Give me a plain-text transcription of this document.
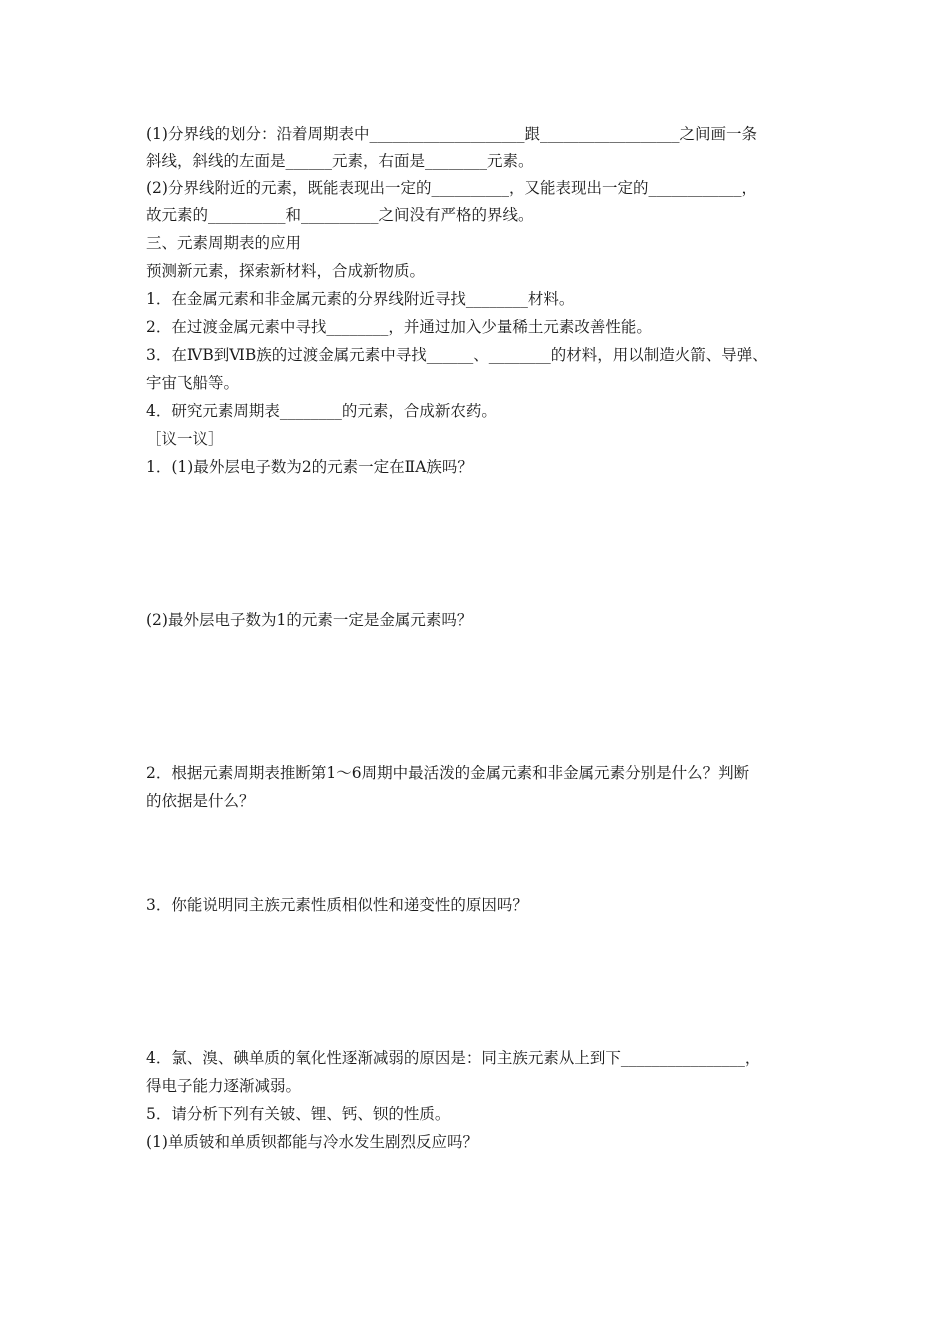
(1)分界线的划分：沿着周期表中____________________跟__________________之间画一条
斜线，斜线的左面是______元素，右面是________元素。
(2)分界线附近的元素，既能表现出一定的__________，又能表现出一定的____________，
故元素的__________和__________之间没有严格的界线。
三、元素周期表的应用
预测新元素，探索新材料，合成新物质。
1．在金属元素和非金属元素的分界线附近寻找________材料。
2．在过渡金属元素中寻找________，并通过加入少量稀土元素改善性能。
3．在ⅣB到ⅥB族的过渡金属元素中寻找______、________的材料，用以制造火箭、导弹、
宇宙飞船等。
4．研究元素周期表________的元素，合成新农药。
［议一议］
1．(1)最外层电子数为2的元素一定在ⅡA族吗？
(2)最外层电子数为1的元素一定是金属元素吗？
2．根据元素周期表推断第1～6周期中最活泼的金属元素和非金属元素分别是什么？判断
的依据是什么？
3．你能说明同主族元素性质相似性和递变性的原因吗？
4．氯、溴、碘单质的氧化性逐渐减弱的原因是：同主族元素从上到下________________，
得电子能力逐渐减弱。
5．请分析下列有关铍、锂、钙、钡的性质。
(1)单质铍和单质钡都能与冷水发生剧烈反应吗？
